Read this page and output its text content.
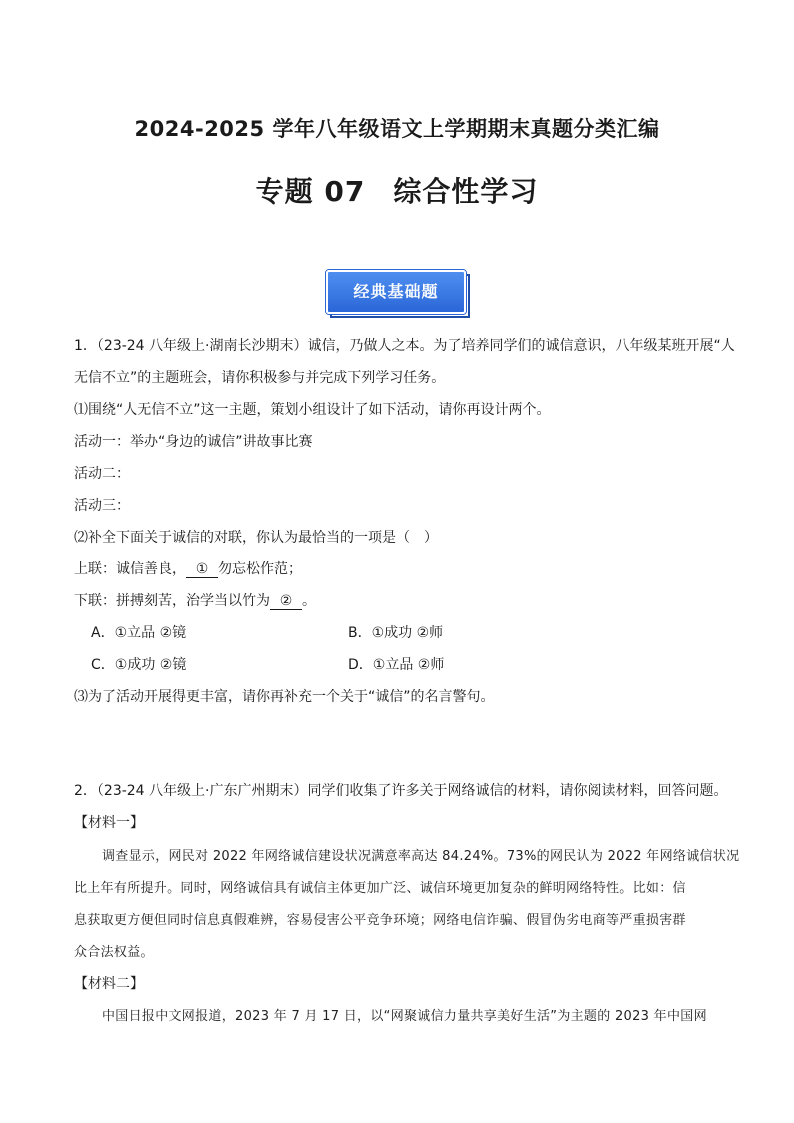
2024-2025 学年八年级语文上学期期末真题分类汇编
专题 07 综合性学习
经典基础题
1．（23-24 八年级上·湖南长沙期末）诚信，乃做人之本。为了培养同学们的诚信意识，八年级某班开展“人
无信不立”的主题班会，请你积极参与并完成下列学习任务。
⑴围绕“人无信不立”这一主题，策划小组设计了如下活动，请你再设计两个。
活动一：举办“身边的诚信”讲故事比赛
活动二：
活动三：
⑵补全下面关于诚信的对联，你认为最恰当的一项是（　）
上联：诚信善良， ① 勿忘松作范；
下联：拼搏刻苦，治学当以竹为 ② 。
A．①立品 ②镜	B．①成功 ②师
C．①成功 ②镜	D．①立品 ②师
⑶为了活动开展得更丰富，请你再补充一个关于“诚信”的名言警句。
2．（23-24 八年级上·广东广州期末）同学们收集了许多关于网络诚信的材料，请你阅读材料，回答问题。
【材料一】
调查显示，网民对 2022 年网络诚信建设状况满意率高达 84.24%。73%的网民认为 2022 年网络诚信状况
比上年有所提升。同时，网络诚信具有诚信主体更加广泛、诚信环境更加复杂的鲜明网络特性。比如：信
息获取更方便但同时信息真假难辨，容易侵害公平竞争环境；网络电信诈骗、假冒伪劣电商等严重损害群
众合法权益。
【材料二】
中国日报中文网报道，2023 年 7 月 17 日，以“网聚诚信力量共享美好生活”为主题的 2023 年中国网
